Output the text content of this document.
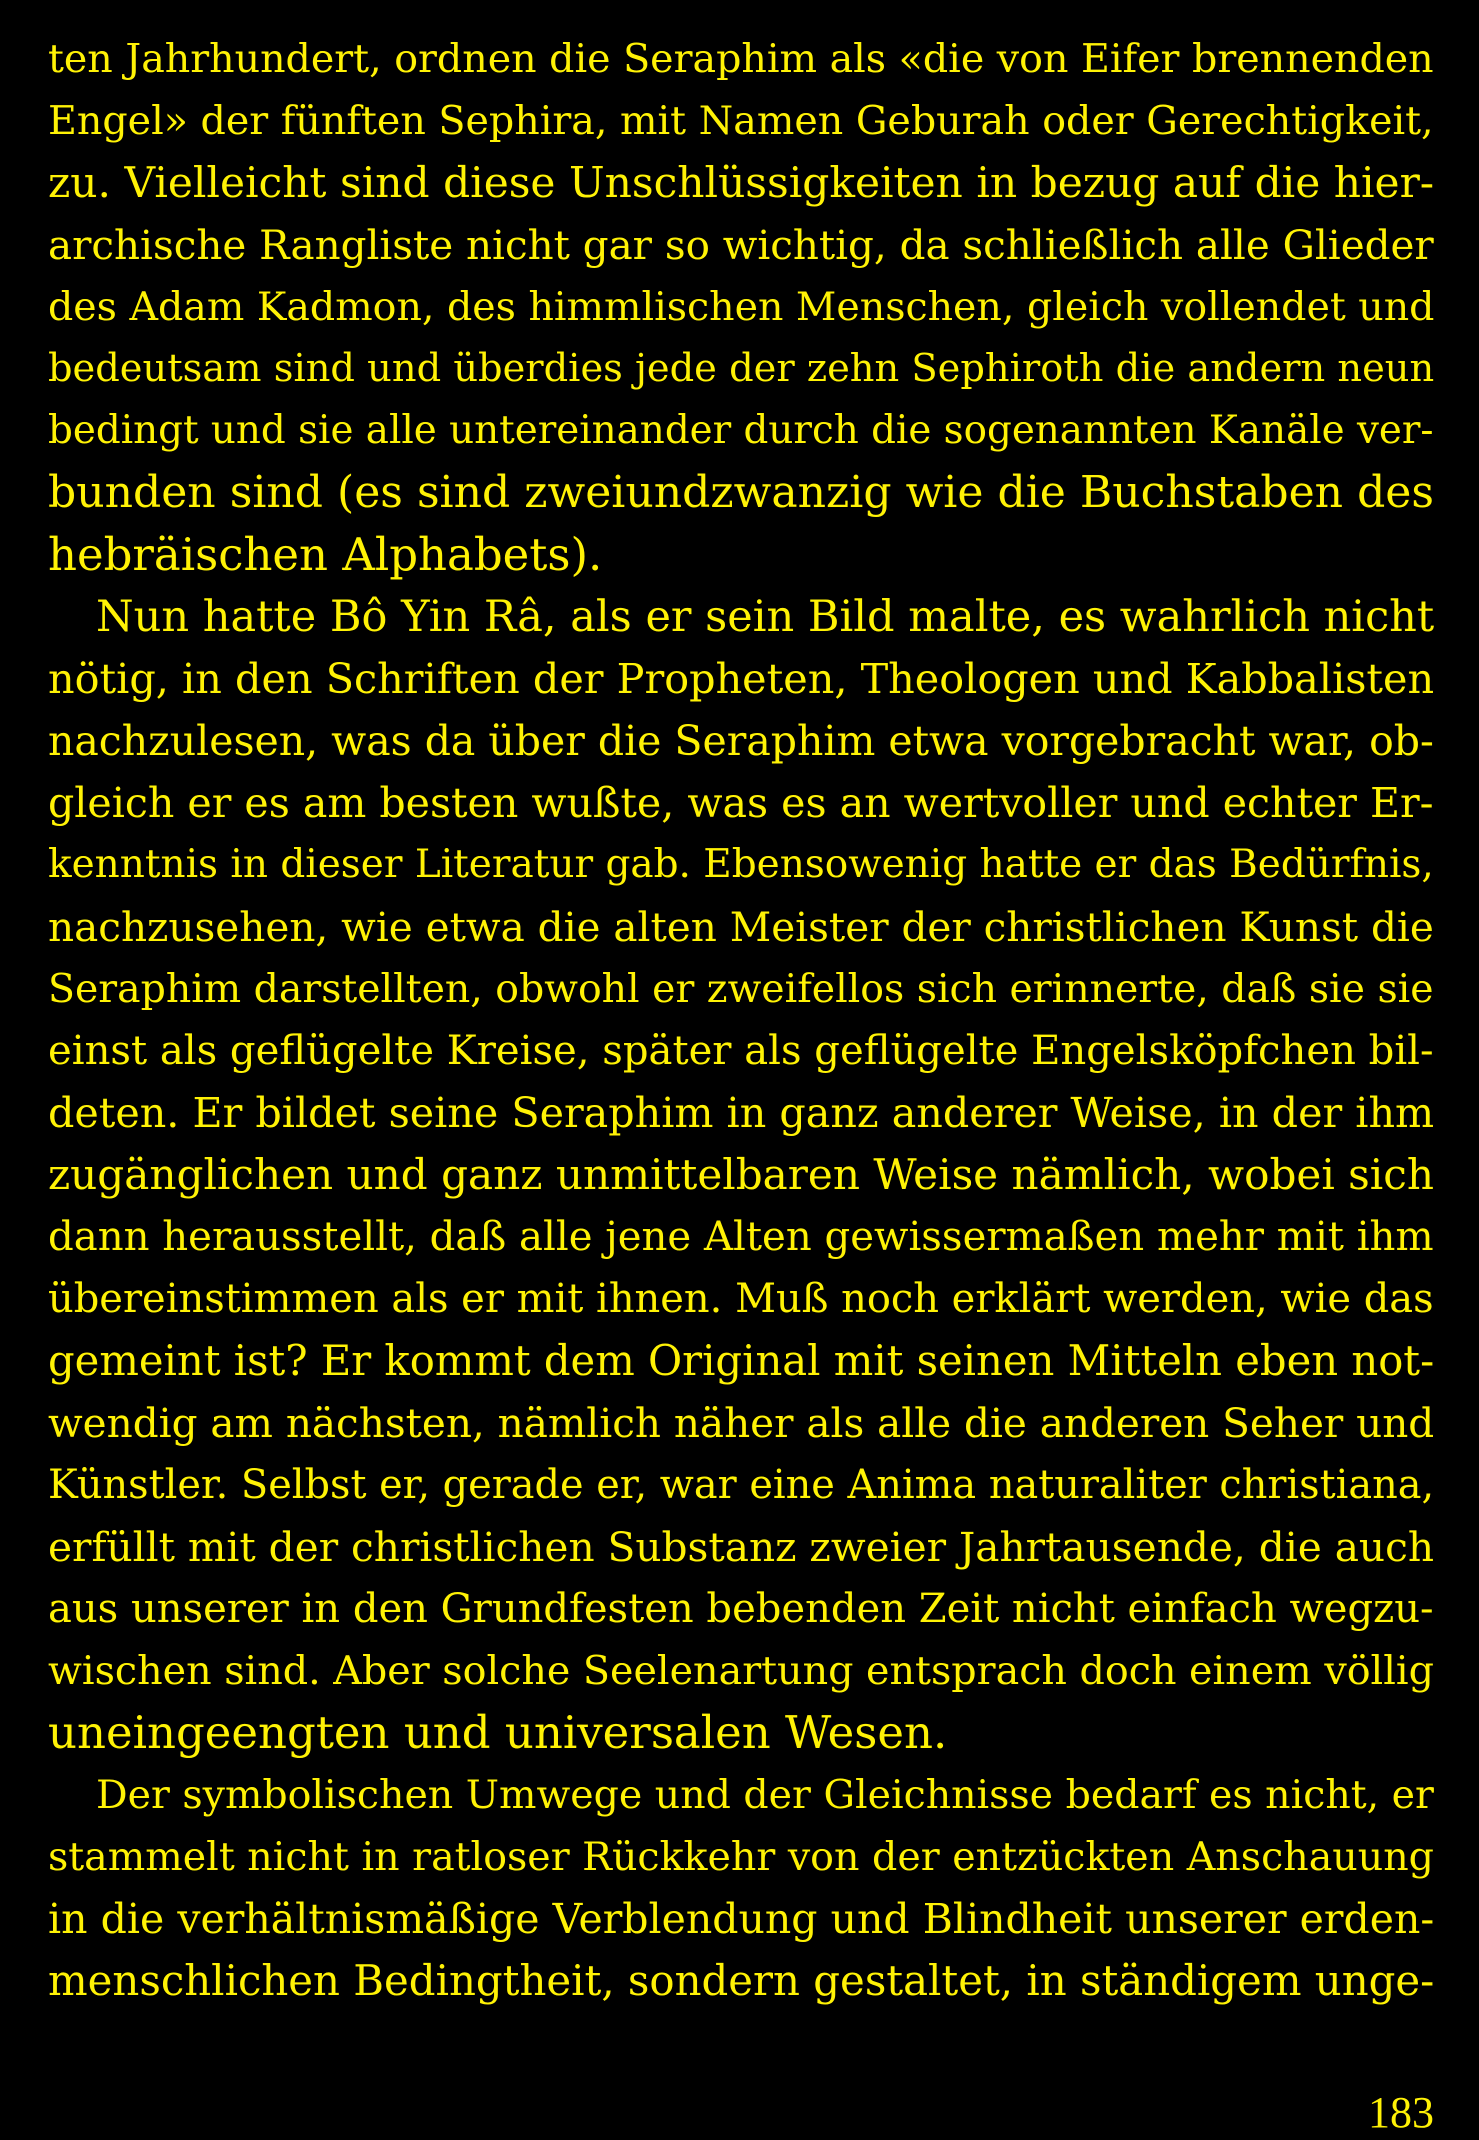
ten Jahrhundert, ordnen die Seraphim als «die von Eifer brennenden
Engel» der fünften Sephira, mit Namen Geburah oder Gerechtigkeit,
zu. Vielleicht sind diese Unschlüssigkeiten in bezug auf die hier-
archische Rangliste nicht gar so wichtig, da schließlich alle Glieder
des Adam Kadmon, des himmlischen Menschen, gleich vollendet und
bedeutsam sind und überdies jede der zehn Sephiroth die andern neun
bedingt und sie alle untereinander durch die sogenannten Kanäle ver-
bunden sind (es sind zweiundzwanzig wie die Buchstaben des
hebräischen Alphabets).
Nun hatte Bô Yin Râ, als er sein Bild malte, es wahrlich nicht
nötig, in den Schriften der Propheten, Theologen und Kabbalisten
nachzulesen, was da über die Seraphim etwa vorgebracht war, ob-
gleich er es am besten wußte, was es an wertvoller und echter Er-
kenntnis in dieser Literatur gab. Ebensowenig hatte er das Bedürfnis,
nachzusehen, wie etwa die alten Meister der christlichen Kunst die
Seraphim darstellten, obwohl er zweifellos sich erinnerte, daß sie sie
einst als geflügelte Kreise, später als geflügelte Engelsköpfchen bil-
deten. Er bildet seine Seraphim in ganz anderer Weise, in der ihm
zugänglichen und ganz unmittelbaren Weise nämlich, wobei sich
dann herausstellt, daß alle jene Alten gewissermaßen mehr mit ihm
übereinstimmen als er mit ihnen. Muß noch erklärt werden, wie das
gemeint ist? Er kommt dem Original mit seinen Mitteln eben not-
wendig am nächsten, nämlich näher als alle die anderen Seher und
Künstler. Selbst er, gerade er, war eine Anima naturaliter christiana,
erfüllt mit der christlichen Substanz zweier Jahrtausende, die auch
aus unserer in den Grundfesten bebenden Zeit nicht einfach wegzu-
wischen sind. Aber solche Seelenartung entsprach doch einem völlig
uneingeengten und universalen Wesen.
Der symbolischen Umwege und der Gleichnisse bedarf es nicht, er
stammelt nicht in ratloser Rückkehr von der entzückten Anschauung
in die verhältnismäßige Verblendung und Blindheit unserer erden-
menschlichen Bedingtheit, sondern gestaltet, in ständigem unge-
183
